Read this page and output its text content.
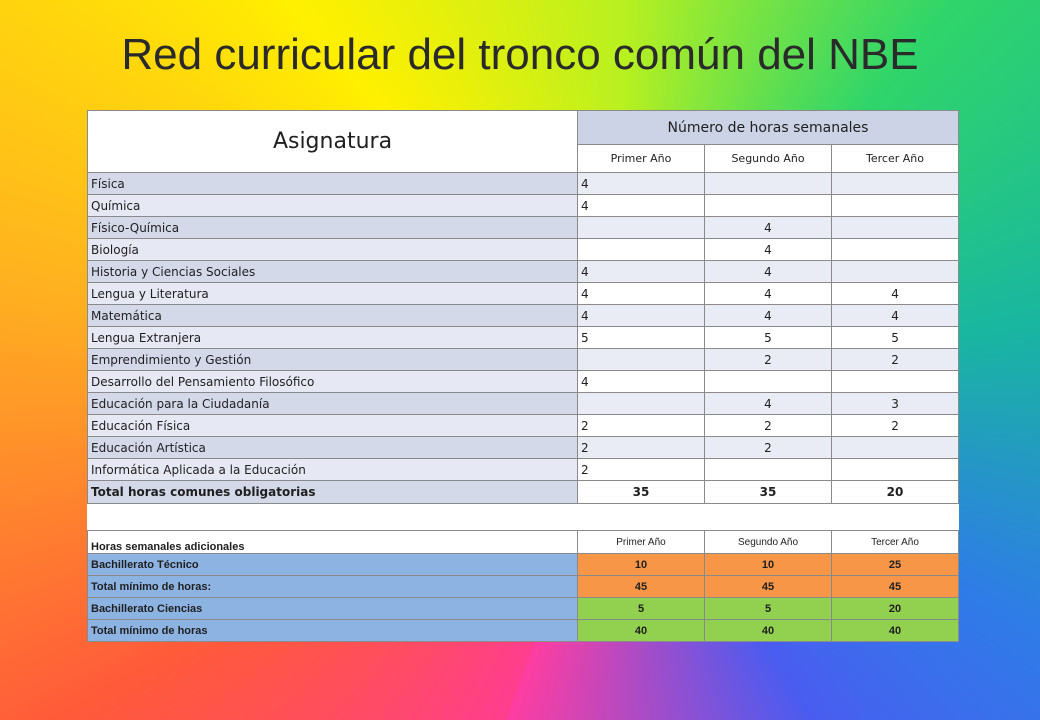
Red curricular del tronco común del NBE
Asignatura	Número de horas semanales		
	Primer Año	Segundo Año	Tercer Año
Física	4		
Química	4		
Físico-Química		4	
Biología		4	
Historia y Ciencias Sociales	4	4	
Lengua y Literatura	4	4	4
Matemática	4	4	4
Lengua Extranjera	5	5	5
Emprendimiento y Gestión		2	2
Desarrollo del Pensamiento Filosófico	4		
Educación para la Ciudadanía		4	3
Educación Física	2	2	2
Educación Artística	2	2	
Informática Aplicada a la Educación	2		
Total horas comunes obligatorias	35	35	20

Horas semanales adicionales	Primer Año	Segundo Año	Tercer Año
Bachillerato Técnico	10	10	25
Total mínimo de horas:	45	45	45
Bachillerato Ciencias	5	5	20
Total mínimo de horas	40	40	40
